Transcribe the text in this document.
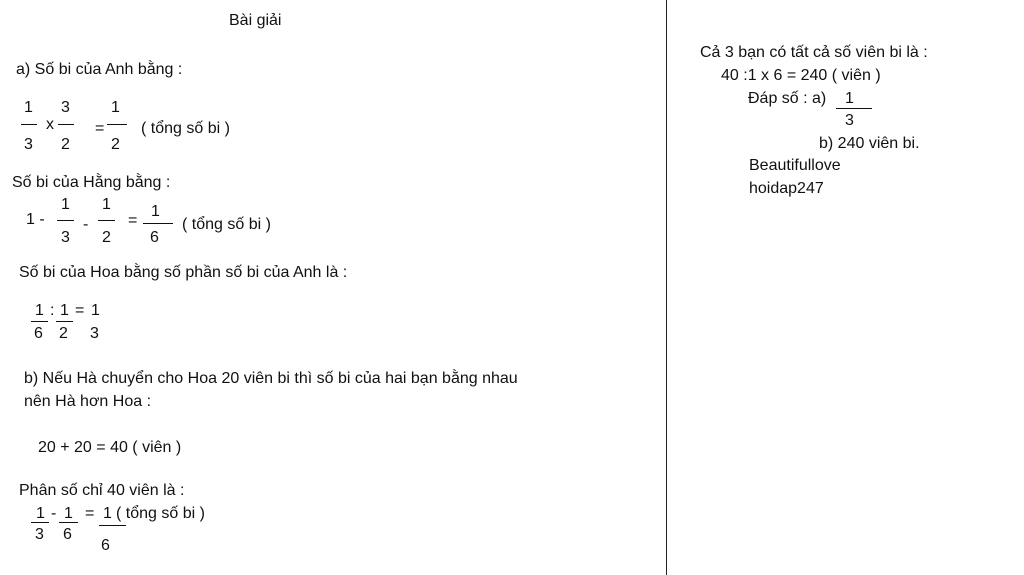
Bài giải
a) Số bi của Anh bằng :
1
3
x
3
2
=
1
2
( tổng số bi )
Số bi của Hằng bằng :
1 -
1
3
-
1
2
=
1
6
( tổng số bi )
Số bi của Hoa bằng số phần số bi của Anh là :
1
6
: 1
2
= 1
3
b) Nếu Hà chuyển cho Hoa 20 viên bi thì số bi của hai bạn bằng nhau
nên Hà hơn Hoa :
20 + 20 = 40 ( viên )
Phân số chỉ 40 viên là :
1
3
- 1
6
= 1 ( tổng số bi )
6
Cả 3 bạn có tất cả số viên bi là :
40 :1 x 6 = 240 ( viên )
Đáp số : a) 1
3
b) 240 viên bi.
Beautifullove
hoidap247
